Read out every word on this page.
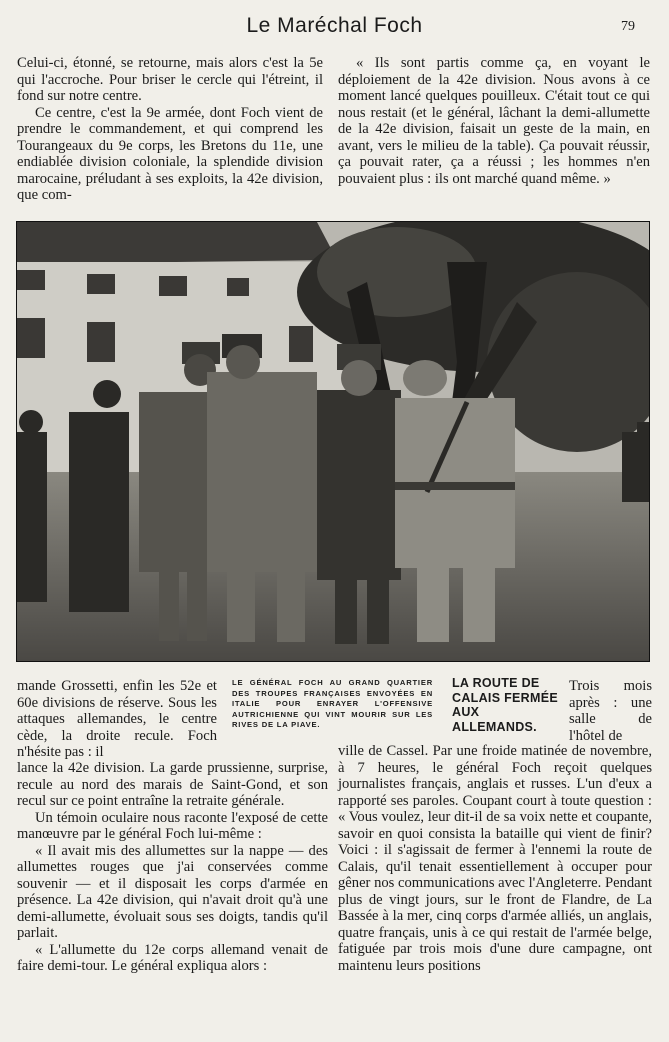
Le Maréchal Foch	79

Celui-ci, étonné, se retourne, mais alors c'est la 5e qui l'accroche. Pour briser le cercle qui l'étreint, il fond sur notre centre.

Ce centre, c'est la 9e armée, dont Foch vient de prendre le commandement, et qui comprend les Tourangeaux du 9e corps, les Bretons du 11e, une endiablée division coloniale, la splendide division marocaine, préludant à ses exploits, la 42e division, que com-

« Ils sont partis comme ça, en voyant le déploiement de la 42e division. Nous avons à ce moment lancé quelques pouilleux. C'était tout ce qui nous restait (et le général, lâchant la demi-allumette de la 42e division, faisait un geste de la main, en avant, vers le milieu de la table). Ça pouvait réussir, ça pouvait rater, ça a réussi ; les hommes n'en pouvaient plus : ils ont marché quand même. »

LE GÉNÉRAL FOCH AU GRAND QUARTIER DES TROUPES FRANÇAISES ENVOYÉES EN ITALIE POUR ENRAYER L'OFFENSIVE AUTRICHIENNE QUI VINT MOURIR SUR LES RIVES DE LA PIAVE.
LA ROUTE DE CALAIS FERMÉE AUX ALLEMANDS.

mande Grossetti, enfin les 52e et 60e divisions de réserve. Sous les attaques allemandes, le centre cède, la droite recule. Foch n'hésite pas : il

Trois mois après : une salle de l'hôtel de

lance la 42e division. La garde prussienne, surprise, recule au nord des marais de Saint-Gond, et son recul sur ce point entraîne la retraite générale.

Un témoin oculaire nous raconte l'exposé de cette manœuvre par le général Foch lui-même :

« Il avait mis des allumettes sur la nappe — des allumettes rouges que j'ai conservées comme souvenir — et il disposait les corps d'armée en présence. La 42e division, qui n'avait droit qu'à une demi-allumette, évoluait sous ses doigts, tandis qu'il parlait.

« L'allumette du 12e corps allemand venait de faire demi-tour. Le général expliqua alors :

ville de Cassel. Par une froide matinée de novembre, à 7 heures, le général Foch reçoit quelques journalistes français, anglais et russes. L'un d'eux a rapporté ses paroles. Coupant court à toute question : « Vous voulez, leur dit-il de sa voix nette et coupante, savoir en quoi consista la bataille qui vient de finir? Voici : il s'agissait de fermer à l'ennemi la route de Calais, qu'il tenait essentiellement à occuper pour gêner nos communications avec l'Angleterre. Pendant plus de vingt jours, sur le front de Flandre, de La Bassée à la mer, cinq corps d'armée alliés, un anglais, quatre français, unis à ce qui restait de l'armée belge, fatiguée par trois mois d'une dure campagne, ont maintenu leurs positions
